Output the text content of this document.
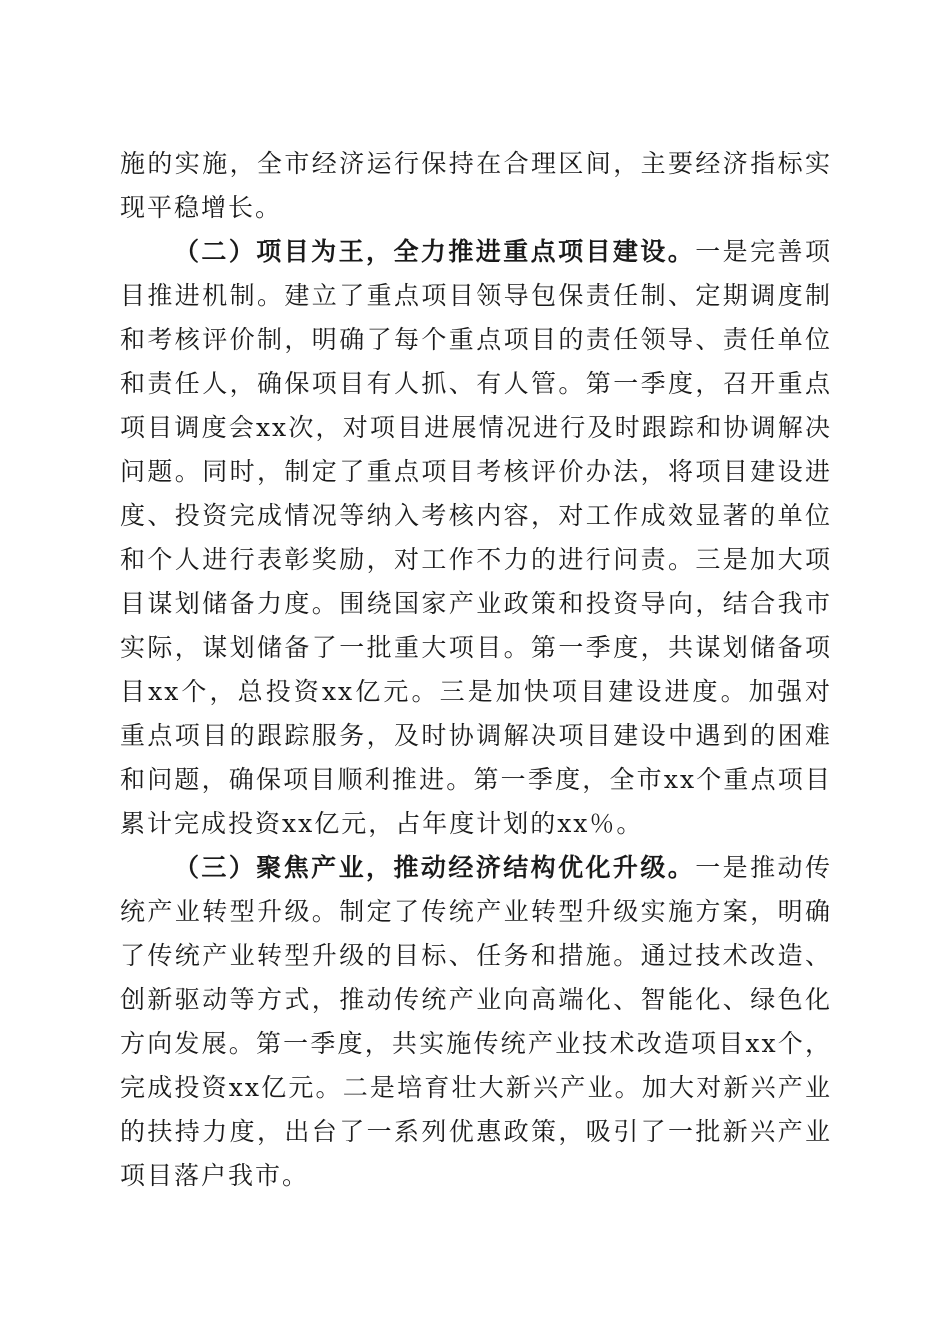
施的实施，全市经济运行保持在合理区间，主要经济指标实现平稳增长。

（二）项目为王，全力推进重点项目建设。一是完善项目推进机制。建立了重点项目领导包保责任制、定期调度制和考核评价制，明确了每个重点项目的责任领导、责任单位和责任人，确保项目有人抓、有人管。第一季度，召开重点项目调度会xx次，对项目进展情况进行及时跟踪和协调解决问题。同时，制定了重点项目考核评价办法，将项目建设进度、投资完成情况等纳入考核内容，对工作成效显著的单位和个人进行表彰奖励，对工作不力的进行问责。三是加大项目谋划储备力度。围绕国家产业政策和投资导向，结合我市实际，谋划储备了一批重大项目。第一季度，共谋划储备项目xx个，总投资xx亿元。三是加快项目建设进度。加强对重点项目的跟踪服务，及时协调解决项目建设中遇到的困难和问题，确保项目顺利推进。第一季度，全市xx个重点项目累计完成投资xx亿元，占年度计划的xx％。

（三）聚焦产业，推动经济结构优化升级。一是推动传统产业转型升级。制定了传统产业转型升级实施方案，明确了传统产业转型升级的目标、任务和措施。通过技术改造、创新驱动等方式，推动传统产业向高端化、智能化、绿色化方向发展。第一季度，共实施传统产业技术改造项目xx个，完成投资xx亿元。二是培育壮大新兴产业。加大对新兴产业的扶持力度，出台了一系列优惠政策，吸引了一批新兴产业项目落户我市。
